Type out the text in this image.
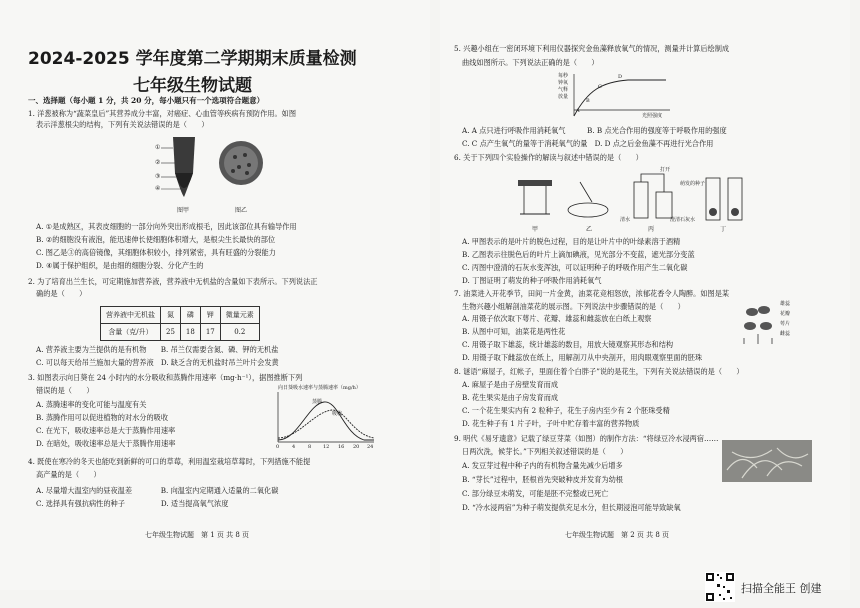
2024-2025 学年度第二学期期末质量检测
七年级生物试题
一、选择题（每小题 1 分，共 20 分，每小题只有一个选项符合题意）
1. 洋葱被称为“蔬菜皇后”其营养成分丰富，对癌症、心血管等疾病有预防作用。如图
表示洋葱根尖的结构，下列有关说法错误的是（　　）
①
②
③
④
图甲	图乙
A. ①是成熟区，其表皮细胞的一部分向外突出形成根毛，因此该部位具有输导作用
B. ②的细胞没有液泡，能迅速伸长使细胞体积增大，是根尖生长最快的部位
C. 图乙是③的高倍镜像，其细胞体积较小，排列紧密，具有旺盛的分裂能力
D. ④属于保护组织，是由细的细胞分裂、分化产生的
2. 为了培育出兰生长，可定期施加营养液，营养液中无机盐的含量如下表所示。下列说法正
确的是（　　）
营养液中无机盐	氮	磷	钾	微量元素
含量（克/升）	25	18	17	0.2
A. 营养液主要为兰提供的是有机物　　B. 吊兰仅需要含氮、磷、钾的无机盐
C. 可以每天给吊兰施加大量的营养液　D. 缺乏含的无机盐时吊兰叶片会发黄
3. 如图表示向日葵在 24 小时内的水分吸收和蒸腾作用速率（mg·h⁻¹），据图推断下列
错误的是（　　）
A. 蒸腾速率的变化可能与温度有关
B. 蒸腾作用可以促进植物的对水分的吸收
C. 在光下，吸收速率总是大于蒸腾作用速率
D. 在暗处，吸收速率总是大于蒸腾作用速率
向日葵吸水速率与蒸腾速率（mg/h）
蒸腾
吸收
0	4	8 12 16 20 24
4. 既使在寒冷的冬天也能吃到新鲜的可口的草莓，利用温室栽培草莓时，下列措施不能提
高产量的是（　　）
A. 尽量增大温室内的昼夜温差　　　　B. 向温室内定期通入适量的二氧化碳
C. 选择具有强抗病性的种子　　　　　D. 适当提高氧气浓度
七年级生物试题　第 1 页 共 8 页
5. 兴趣小组在一密闭环境下利用仪器探究金鱼藻释放氧气的情况，测量并计算后绘制成
曲线如图所示。下列说法正确的是（　　）
每秒钟氧气释放量
光照强度
A
B
C
D
A. A 点只进行呼吸作用消耗氧气　　　B. B 点光合作用的强度等于呼吸作用的强度
C. C 点产生氧气的量等于消耗氧气的量　D. D 点之后金鱼藻不再进行光合作用
6. 关于下列四个实验操作的解读与叙述中错误的是（　　）
甲	乙	丙	丁
打开
清水	澄清石灰水
萌发的种子
A. 甲图表示的是叶片的脱色过程，目的是让叶片中的叶绿素溶于酒精
B. 乙图表示往脱色后的叶片上滴加碘液，见光部分不变蓝，遮光部分变蓝
C. 丙图中澄清的石灰水变浑浊，可以证明种子的呼吸作用产生二氧化碳
D. 丁图证明了萌发的种子呼吸作用消耗氧气
7. 油菜进入开花季节，田间一片金黄，油菜花竞相怒放，浓郁花香令人陶醉。如图是某
生物兴趣小组解剖油菜花的展示图。下列说法中步骤错误的是（　　）
A. 用镊子依次取下萼片、花瓣、雄蕊和雌蕊放在白纸上观察
B. 从图中可知，油菜花是两性花
C. 用镊子取下雄蕊，统计雄蕊的数目，用放大镜观察其形态和结构
D. 用镊子取下雌蕊放在纸上，用解剖刀从中央剖开，用肉眼观察里面的胚珠
雄蕊
花瓣
萼片
雌蕊
8. 谜语“麻屋子，红帐子，里面住着个白胖子”说的是花生，下列有关说法错误的是（　　）
A. 麻屋子是由子房壁发育而成
B. 花生果实是由子房发育而成
C. 一个花生果实内有 2 粒种子，花生子房内至少有 2 个胚珠受精
D. 花生种子有 1 片子叶，子叶中贮存着丰富的营养物质
9. 明代《易牙遗意》记载了绿豆芽菜（如图）的制作方法：“将绿豆冷水浸两宿……
日两次洗，候芽长。”下列相关叙述错误的是（　　）
A. 发豆芽过程中种子内的有机物含量先减少后增多
B. “芽长”过程中，胚根首先突破种皮并发育为幼根
C. 部分绿豆未萌发，可能是胚不完整或已死亡
D. “冷水浸两宿”为种子萌发提供充足水分，但长期浸泡可能导致缺氧
七年级生物试题　第 2 页 共 8 页
扫描全能王 创建
